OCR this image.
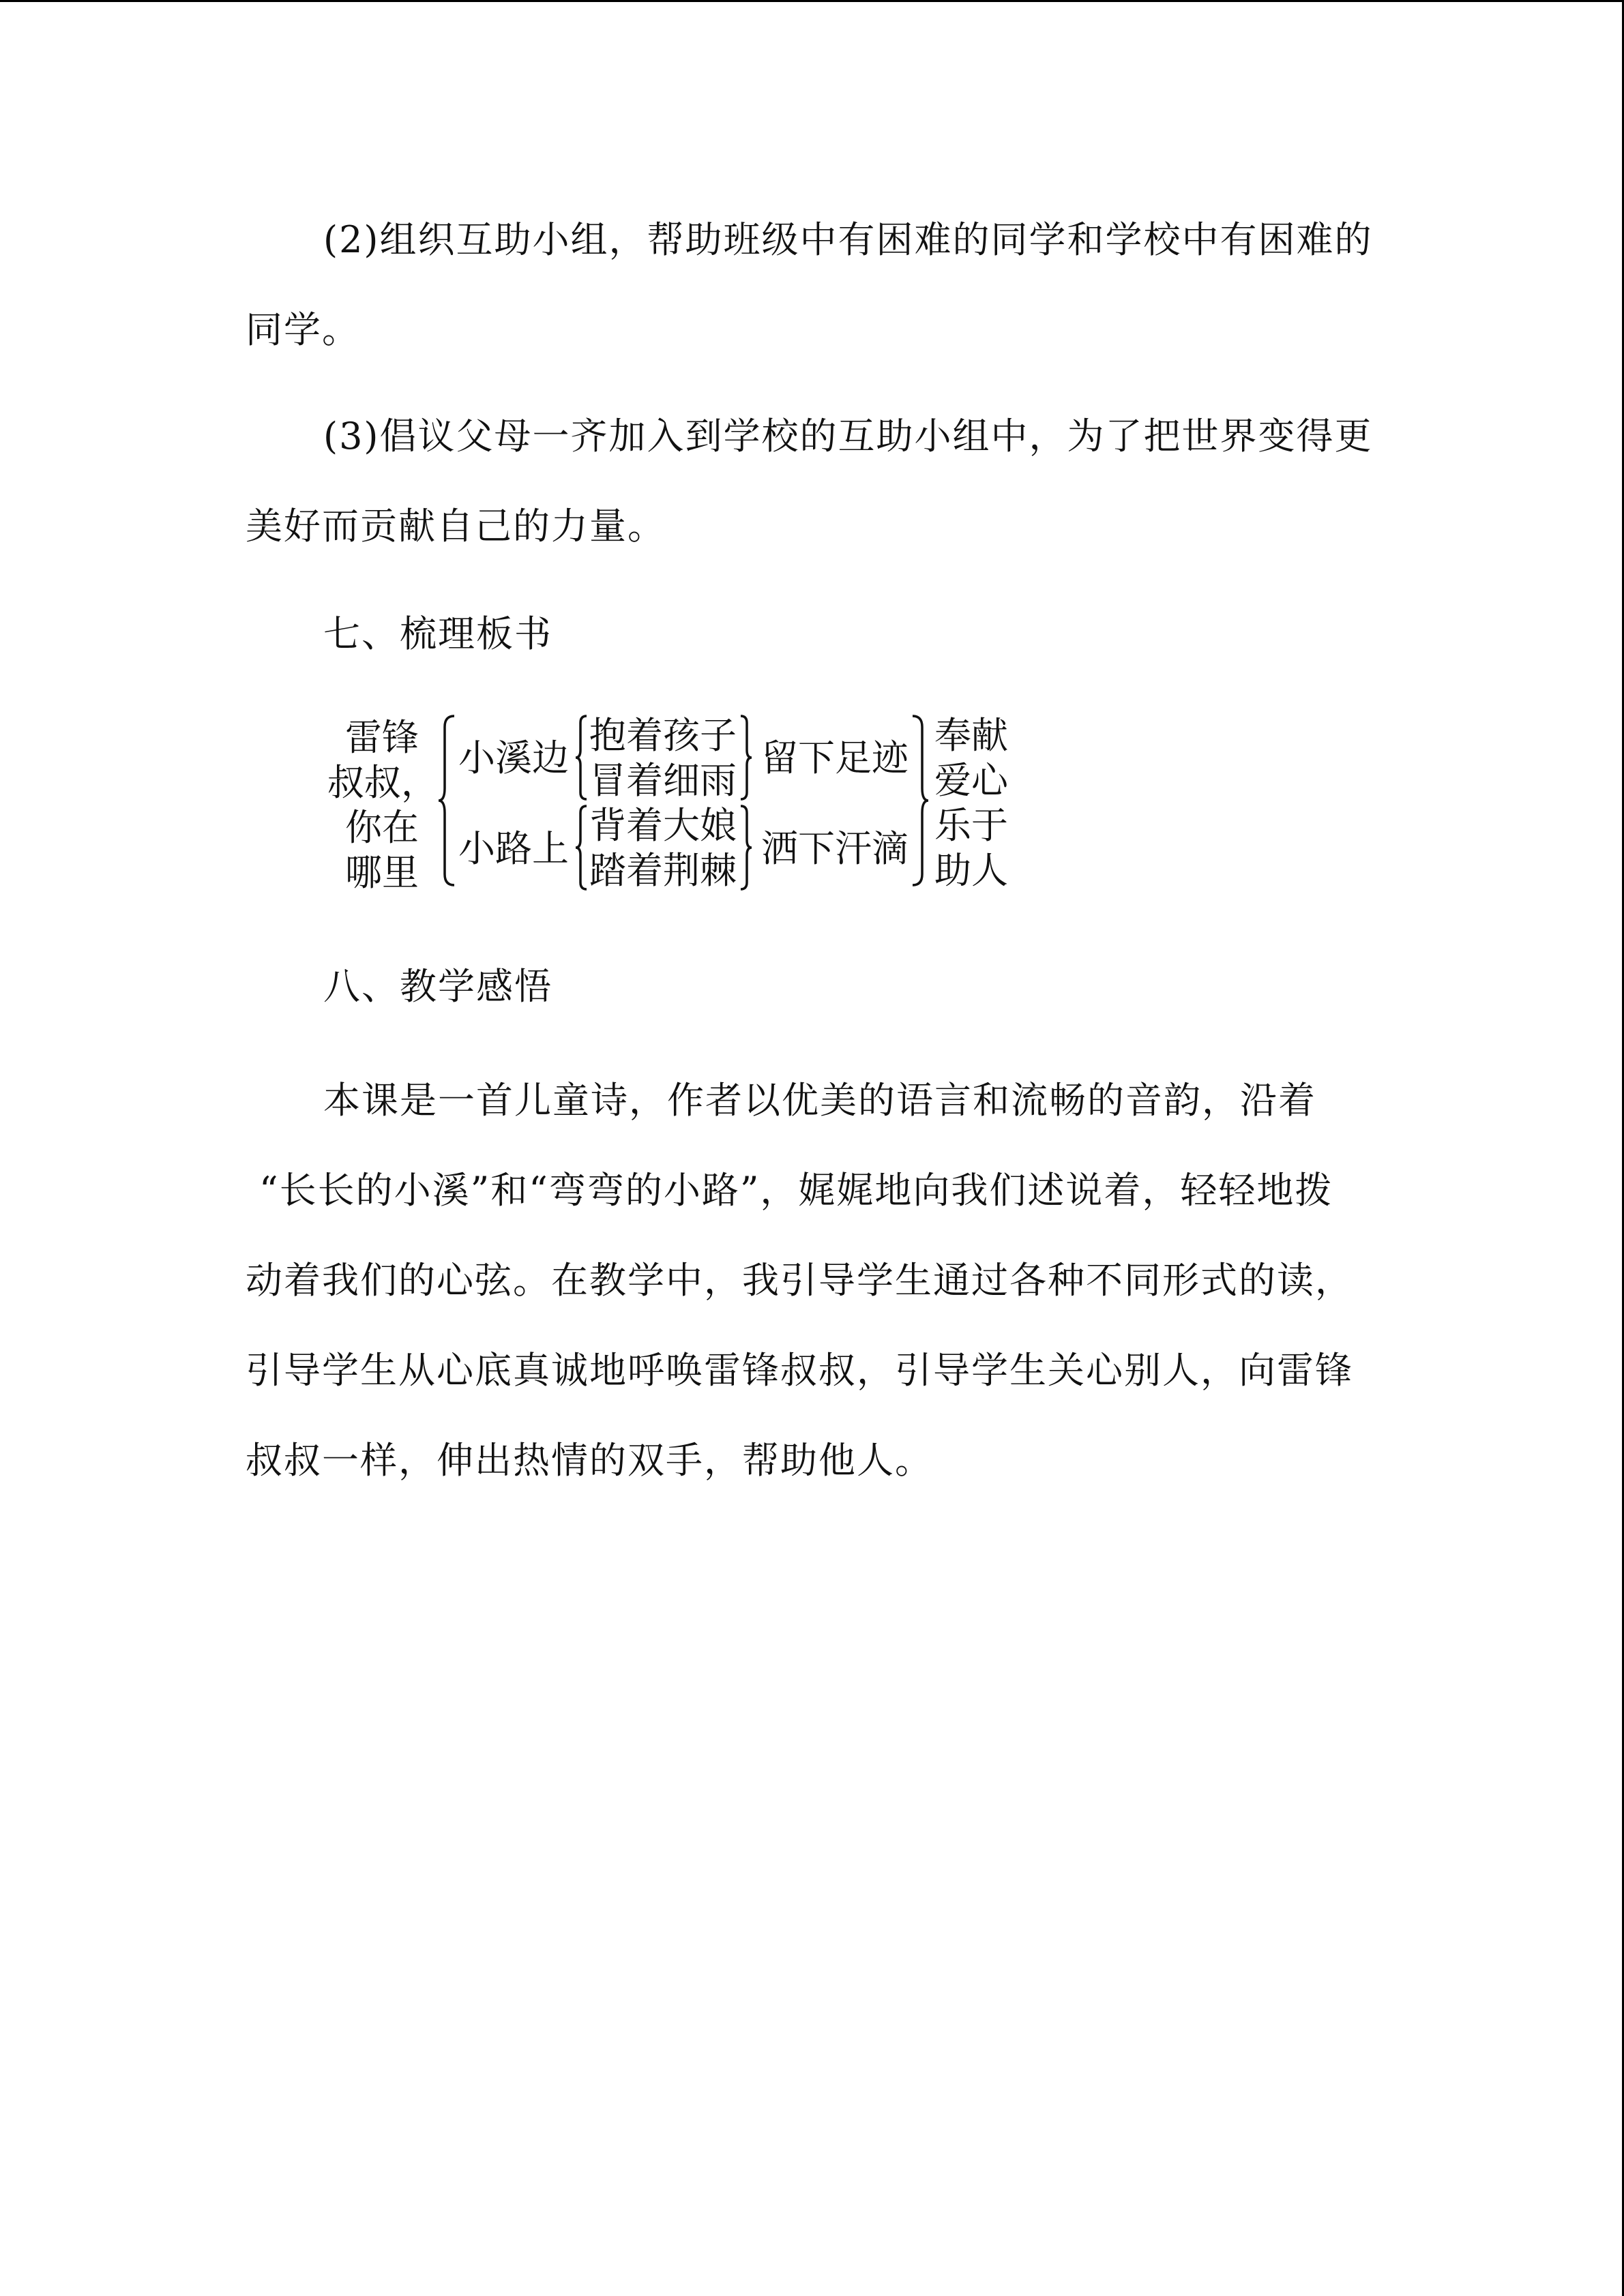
(2)组织互助小组，帮助班级中有困难的同学和学校中有困难的
同学。
(3)倡议父母一齐加入到学校的互助小组中，为了把世界变得更
美好而贡献自己的力量。
七、梳理板书
雷锋
叔叔，
你在
哪里
小溪边
小路上
抱着孩子
冒着细雨
背着大娘
踏着荆棘
留下足迹
洒下汗滴
奉献
爱心
乐于
助人
八、教学感悟
本课是一首儿童诗，作者以优美的语言和流畅的音韵，沿着
“长长的小溪”和“弯弯的小路”，娓娓地向我们述说着，轻轻地拨
动着我们的心弦。在教学中，我引导学生通过各种不同形式的读，
引导学生从心底真诚地呼唤雷锋叔叔，引导学生关心别人，向雷锋
叔叔一样，伸出热情的双手，帮助他人。
